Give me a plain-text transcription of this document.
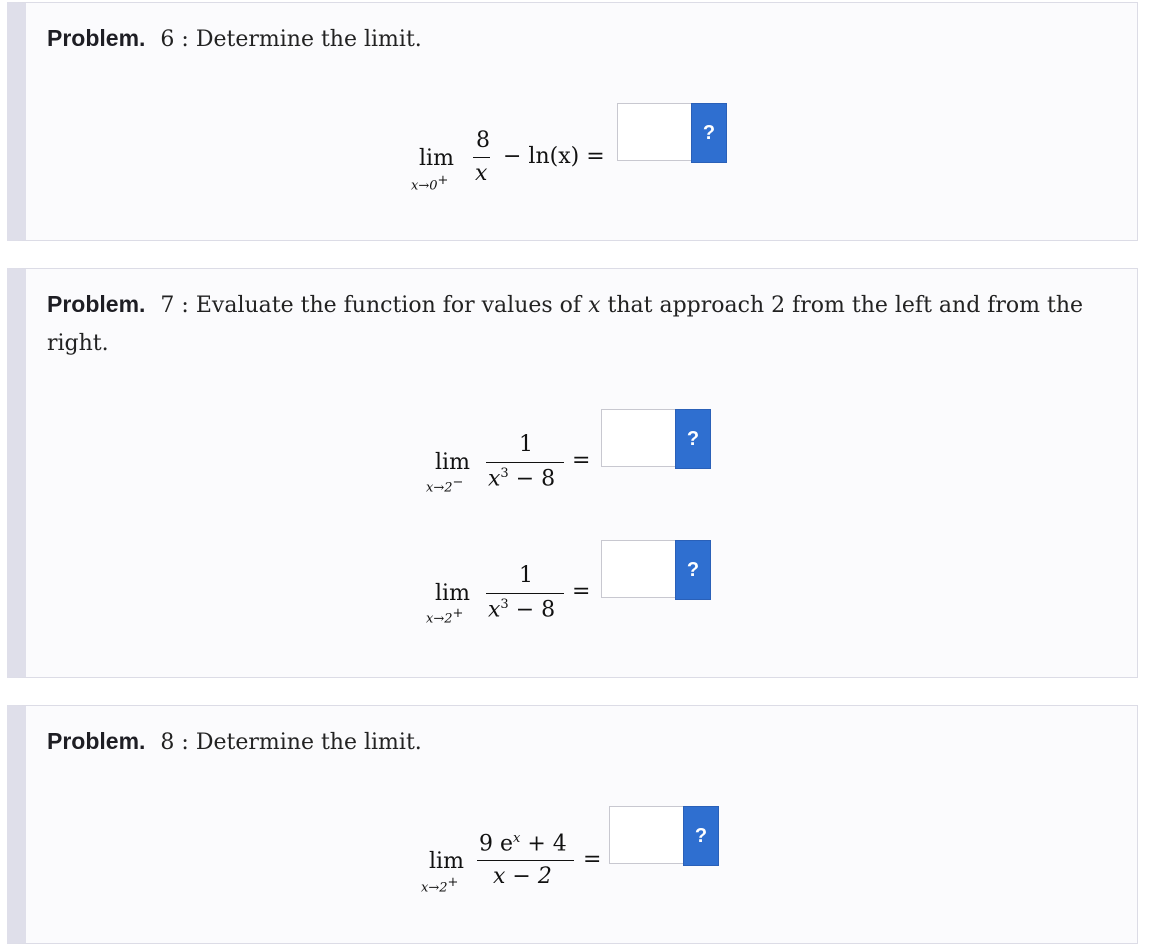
Problem. 6 : Determine the limit.
lim
x→0+
8
x
− ln(x) =
?
Problem. 7 : Evaluate the function for values of x that approach 2 from the left and from the right.
lim
x→2−
1
$x^3 - 8$
=
?
lim
x→2+
1
$x^3 - 8$
=
?
Problem. 8 : Determine the limit.
lim
x→2+
9 $e^x + 4$
x − 2
=
?
